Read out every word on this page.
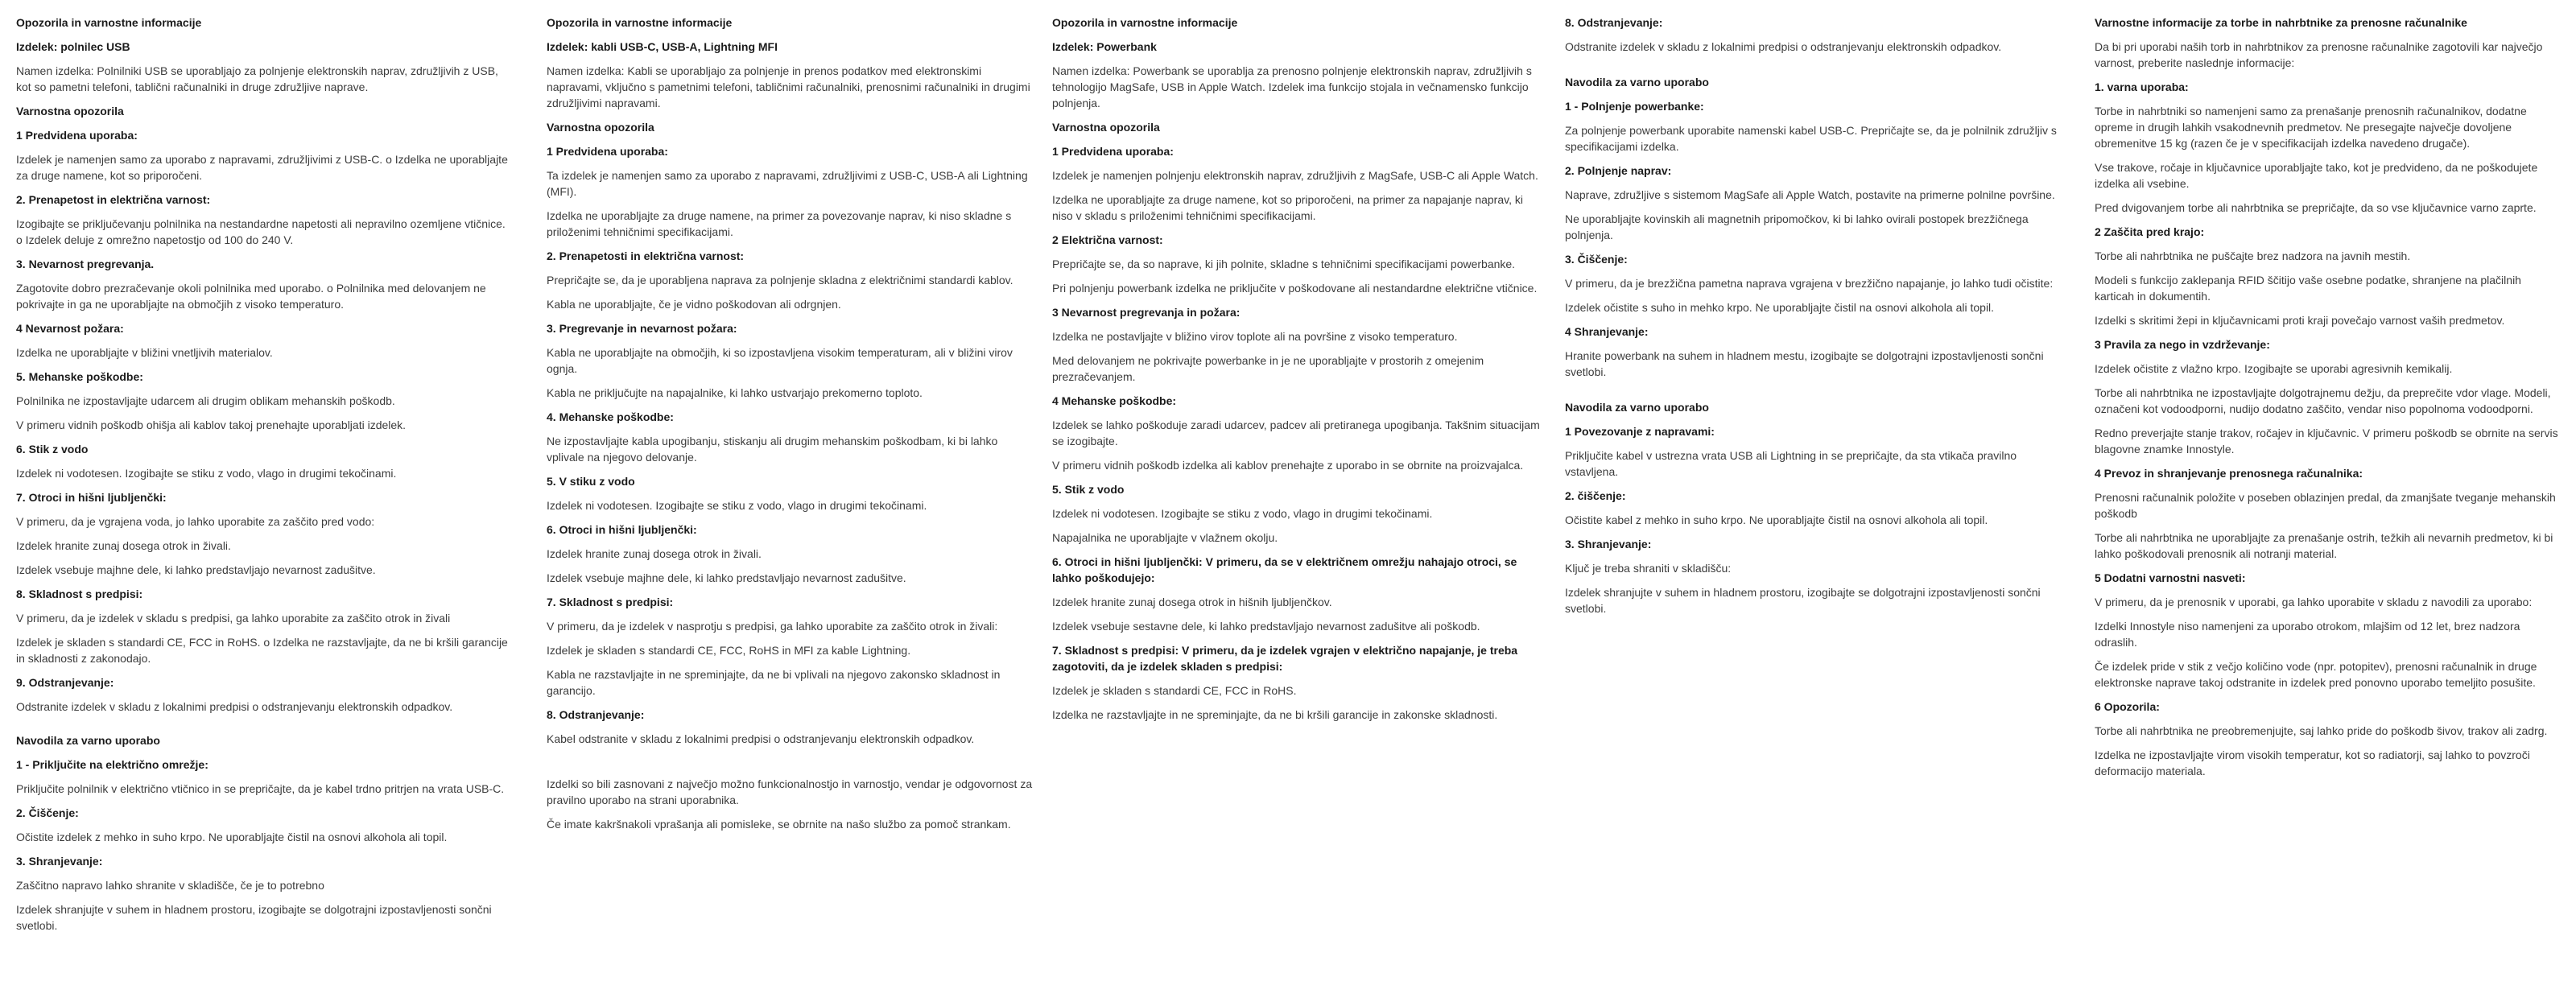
Opozorila in varnostne informacije
Izdelek: polnilec USB

Namen izdelka: Polnilniki USB se uporabljajo za polnjenje elektronskih naprav, združljivih z USB, kot so pametni telefoni, tablični računalniki in druge združljive naprave.

Varnostna opozorila
1 Predvidena uporaba:

Izdelek je namenjen samo za uporabo z napravami, združljivimi z USB-C. o Izdelka ne uporabljajte za druge namene, kot so priporočeni.

2. Prenapetost in električna varnost:

Izogibajte se priključevanju polnilnika na nestandardne napetosti ali nepravilno ozemljene vtičnice. o Izdelek deluje z omrežno napetostjo od 100 do 240 V.

3. Nevarnost pregrevanja.

Zagotovite dobro prezračevanje okoli polnilnika med uporabo. o Polnilnika med delovanjem ne pokrivajte in ga ne uporabljajte na območjih z visoko temperaturo.

4 Nevarnost požara:

Izdelka ne uporabljajte v bližini vnetljivih materialov.

5. Mehanske poškodbe:

Polnilnika ne izpostavljajte udarcem ali drugim oblikam mehanskih poškodb.

V primeru vidnih poškodb ohišja ali kablov takoj prenehajte uporabljati izdelek.

6. Stik z vodo

Izdelek ni vodotesen. Izogibajte se stiku z vodo, vlago in drugimi tekočinami.

7. Otroci in hišni ljubljenčki:

V primeru, da je vgrajena voda, jo lahko uporabite za zaščito pred vodo:

Izdelek hranite zunaj dosega otrok in živali.

Izdelek vsebuje majhne dele, ki lahko predstavljajo nevarnost zadušitve.

8. Skladnost s predpisi:

V primeru, da je izdelek v skladu s predpisi, ga lahko uporabite za zaščito otrok in živali

Izdelek je skladen s standardi CE, FCC in RoHS. o Izdelka ne razstavljajte, da ne bi kršili garancije in skladnosti z zakonodajo.

9. Odstranjevanje:

Odstranite izdelek v skladu z lokalnimi predpisi o odstranjevanju elektronskih odpadkov.

Navodila za varno uporabo
1 - Priključite na električno omrežje:

Priključite polnilnik v električno vtičnico in se prepričajte, da je kabel trdno pritrjen na vrata USB-C.

2. Čiščenje:

Očistite izdelek z mehko in suho krpo. Ne uporabljajte čistil na osnovi alkohola ali topil.

3. Shranjevanje:

Zaščitno napravo lahko shranite v skladišče, če je to potrebno

Izdelek shranjujte v suhem in hladnem prostoru, izogibajte se dolgotrajni izpostavljenosti sončni svetlobi.

Opozorila in varnostne informacije
Izdelek: kabli USB-C, USB-A, Lightning MFI

Namen izdelka: Kabli se uporabljajo za polnjenje in prenos podatkov med elektronskimi napravami, vključno s pametnimi telefoni, tabličnimi računalniki, prenosnimi računalniki in drugimi združljivimi napravami.

Varnostna opozorila
1 Predvidena uporaba:

Ta izdelek je namenjen samo za uporabo z napravami, združljivimi z USB-C, USB-A ali Lightning (MFI).

Izdelka ne uporabljajte za druge namene, na primer za povezovanje naprav, ki niso skladne s priloženimi tehničnimi specifikacijami.

2. Prenapetosti in električna varnost:

Prepričajte se, da je uporabljena naprava za polnjenje skladna z električnimi standardi kablov.

Kabla ne uporabljajte, če je vidno poškodovan ali odrgnjen.

3. Pregrevanje in nevarnost požara:

Kabla ne uporabljajte na območjih, ki so izpostavljena visokim temperaturam, ali v bližini virov ognja.

Kabla ne priključujte na napajalnike, ki lahko ustvarjajo prekomerno toploto.

4. Mehanske poškodbe:

Ne izpostavljajte kabla upogibanju, stiskanju ali drugim mehanskim poškodbam, ki bi lahko vplivale na njegovo delovanje.

5. V stiku z vodo

Izdelek ni vodotesen. Izogibajte se stiku z vodo, vlago in drugimi tekočinami.

6. Otroci in hišni ljubljenčki:

Izdelek hranite zunaj dosega otrok in živali.

Izdelek vsebuje majhne dele, ki lahko predstavljajo nevarnost zadušitve.

7. Skladnost s predpisi:

V primeru, da je izdelek v nasprotju s predpisi, ga lahko uporabite za zaščito otrok in živali:

Izdelek je skladen s standardi CE, FCC, RoHS in MFI za kable Lightning.

Kabla ne razstavljajte in ne spreminjajte, da ne bi vplivali na njegovo zakonsko skladnost in garancijo.

8. Odstranjevanje:

Kabel odstranite v skladu z lokalnimi predpisi o odstranjevanju elektronskih odpadkov.

Izdelki so bili zasnovani z največjo možno funkcionalnostjo in varnostjo, vendar je odgovornost za pravilno uporabo na strani uporabnika.

Če imate kakršnakoli vprašanja ali pomisleke, se obrnite na našo službo za pomoč strankam.

Opozorila in varnostne informacije
Izdelek: Powerbank

Namen izdelka: Powerbank se uporablja za prenosno polnjenje elektronskih naprav, združljivih s tehnologijo MagSafe, USB in Apple Watch. Izdelek ima funkcijo stojala in večnamensko funkcijo polnjenja.

Varnostna opozorila
1 Predvidena uporaba:

Izdelek je namenjen polnjenju elektronskih naprav, združljivih z MagSafe, USB-C ali Apple Watch.

Izdelka ne uporabljajte za druge namene, kot so priporočeni, na primer za napajanje naprav, ki niso v skladu s priloženimi tehničnimi specifikacijami.

2 Električna varnost:

Prepričajte se, da so naprave, ki jih polnite, skladne s tehničnimi specifikacijami powerbanke.

Pri polnjenju powerbank izdelka ne priključite v poškodovane ali nestandardne električne vtičnice.

3 Nevarnost pregrevanja in požara:

Izdelka ne postavljajte v bližino virov toplote ali na površine z visoko temperaturo.

Med delovanjem ne pokrivajte powerbanke in je ne uporabljajte v prostorih z omejenim prezračevanjem.

4 Mehanske poškodbe:

Izdelek se lahko poškoduje zaradi udarcev, padcev ali pretiranega upogibanja. Takšnim situacijam se izogibajte.

V primeru vidnih poškodb izdelka ali kablov prenehajte z uporabo in se obrnite na proizvajalca.

5. Stik z vodo

Izdelek ni vodotesen. Izogibajte se stiku z vodo, vlago in drugimi tekočinami.

Napajalnika ne uporabljajte v vlažnem okolju.

6. Otroci in hišni ljubljenčki: V primeru, da se v električnem omrežju nahajajo otroci, se lahko poškodujejo:

Izdelek hranite zunaj dosega otrok in hišnih ljubljenčkov.

Izdelek vsebuje sestavne dele, ki lahko predstavljajo nevarnost zadušitve ali poškodb.

7. Skladnost s predpisi: V primeru, da je izdelek vgrajen v električno napajanje, je treba zagotoviti, da je izdelek skladen s predpisi:

Izdelek je skladen s standardi CE, FCC in RoHS.

Izdelka ne razstavljajte in ne spreminjajte, da ne bi kršili garancije in zakonske skladnosti.

8. Odstranjevanje:

Odstranite izdelek v skladu z lokalnimi predpisi o odstranjevanju elektronskih odpadkov.

Navodila za varno uporabo
1 - Polnjenje powerbanke:

Za polnjenje powerbank uporabite namenski kabel USB-C. Prepričajte se, da je polnilnik združljiv s specifikacijami izdelka.

2. Polnjenje naprav:

Naprave, združljive s sistemom MagSafe ali Apple Watch, postavite na primerne polnilne površine.

Ne uporabljajte kovinskih ali magnetnih pripomočkov, ki bi lahko ovirali postopek brezžičnega polnjenja.

3. Čiščenje:

V primeru, da je brezžična pametna naprava vgrajena v brezžično napajanje, jo lahko tudi očistite:

Izdelek očistite s suho in mehko krpo. Ne uporabljajte čistil na osnovi alkohola ali topil.

4 Shranjevanje:

Hranite powerbank na suhem in hladnem mestu, izogibajte se dolgotrajni izpostavljenosti sončni svetlobi.

Navodila za varno uporabo
1 Povezovanje z napravami:

Priključite kabel v ustrezna vrata USB ali Lightning in se prepričajte, da sta vtikača pravilno vstavljena.

2. čiščenje:

Očistite kabel z mehko in suho krpo. Ne uporabljajte čistil na osnovi alkohola ali topil.

3. Shranjevanje:

Ključ je treba shraniti v skladišču:

Izdelek shranjujte v suhem in hladnem prostoru, izogibajte se dolgotrajni izpostavljenosti sončni svetlobi.

Varnostne informacije za torbe in nahrbtnike za prenosne računalnike

Da bi pri uporabi naših torb in nahrbtnikov za prenosne računalnike zagotovili kar največjo varnost, preberite naslednje informacije:

1. varna uporaba:

Torbe in nahrbtniki so namenjeni samo za prenašanje prenosnih računalnikov, dodatne opreme in drugih lahkih vsakodnevnih predmetov. Ne presegajte največje dovoljene obremenitve 15 kg (razen če je v specifikacijah izdelka navedeno drugače).

Vse trakove, ročaje in ključavnice uporabljajte tako, kot je predvideno, da ne poškodujete izdelka ali vsebine.

Pred dvigovanjem torbe ali nahrbtnika se prepričajte, da so vse ključavnice varno zaprte.

2 Zaščita pred krajo:

Torbe ali nahrbtnika ne puščajte brez nadzora na javnih mestih.

Modeli s funkcijo zaklepanja RFID ščitijo vaše osebne podatke, shranjene na plačilnih karticah in dokumentih.

Izdelki s skritimi žepi in ključavnicami proti kraji povečajo varnost vaših predmetov.

3 Pravila za nego in vzdrževanje:

Izdelek očistite z vlažno krpo. Izogibajte se uporabi agresivnih kemikalij.

Torbe ali nahrbtnika ne izpostavljajte dolgotrajnemu dežju, da preprečite vdor vlage. Modeli, označeni kot vodoodporni, nudijo dodatno zaščito, vendar niso popolnoma vodoodporni.

Redno preverjajte stanje trakov, ročajev in ključavnic. V primeru poškodb se obrnite na servis blagovne znamke Innostyle.

4 Prevoz in shranjevanje prenosnega računalnika:

Prenosni računalnik položite v poseben oblazinjen predal, da zmanjšate tveganje mehanskih poškodb

Torbe ali nahrbtnika ne uporabljajte za prenašanje ostrih, težkih ali nevarnih predmetov, ki bi lahko poškodovali prenosnik ali notranji material.

5 Dodatni varnostni nasveti:

V primeru, da je prenosnik v uporabi, ga lahko uporabite v skladu z navodili za uporabo:

Izdelki Innostyle niso namenjeni za uporabo otrokom, mlajšim od 12 let, brez nadzora odraslih.

Če izdelek pride v stik z večjo količino vode (npr. potopitev), prenosni računalnik in druge elektronske naprave takoj odstranite in izdelek pred ponovno uporabo temeljito posušite.

6 Opozorila:

Torbe ali nahrbtnika ne preobremenjujte, saj lahko pride do poškodb šivov, trakov ali zadrg.

Izdelka ne izpostavljajte virom visokih temperatur, kot so radiatorji, saj lahko to povzroči deformacijo materiala.
